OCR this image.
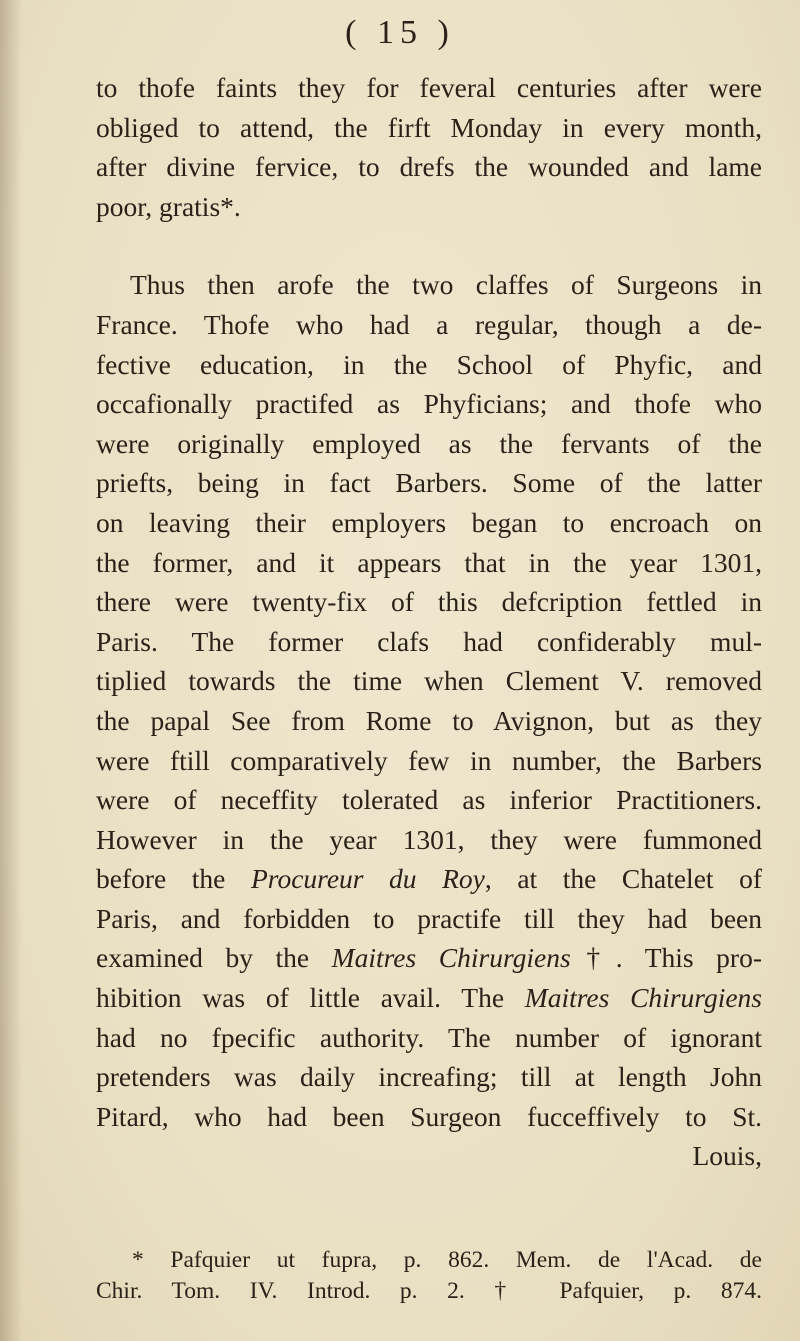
( 15 )
to thofe faints they for feveral centuries after were
obliged to attend, the firft Monday in every month,
after divine fervice, to drefs the wounded and lame
poor, gratis*.
Thus then arofe the two claffes of Surgeons in
France. Thofe who had a regular, though a de-
fective education, in the School of Phyfic, and
occafionally practifed as Phyficians; and thofe who
were originally employed as the fervants of the
priefts, being in fact Barbers. Some of the latter
on leaving their employers began to encroach on
the former, and it appears that in the year 1301,
there were twenty-fix of this defcription fettled in
Paris. The former clafs had confiderably mul-
tiplied towards the time when Clement V. removed
the papal See from Rome to Avignon, but as they
were ftill comparatively few in number, the Barbers
were of neceffity tolerated as inferior Practitioners.
However in the year 1301, they were fummoned
before the Procureur du Roy, at the Chatelet of
Paris, and forbidden to practife till they had been
examined by the Maitres Chirurgiens†. This pro-
hibition was of little avail. The Maitres Chirurgiens
had no fpecific authority. The number of ignorant
pretenders was daily increafing; till at length John
Pitard, who had been Surgeon fucceffively to St.
Louis,
* Pafquier ut fupra, p. 862. Mem. de l'Acad. de
Chir. Tom. IV. Introd. p. 2. † Pafquier, p. 874.
